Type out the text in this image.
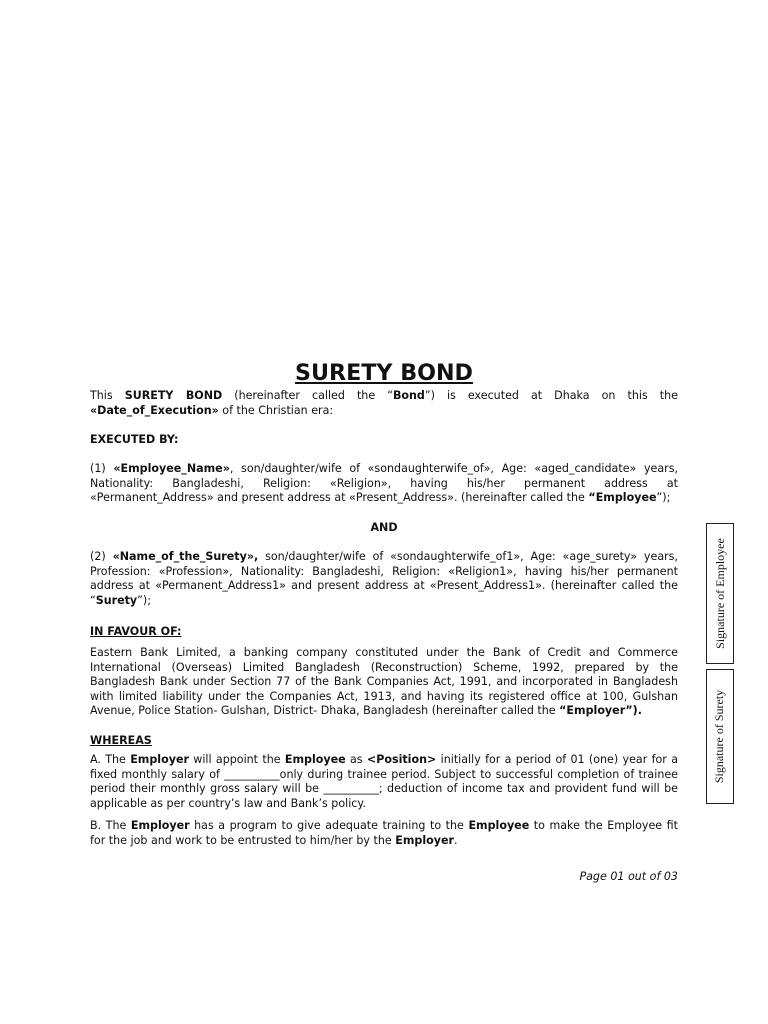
SURETY BOND

This SURETY BOND (hereinafter called the “Bond”) is executed at Dhaka on this the «Date_of_Execution» of the Christian era:

EXECUTED BY:

(1) «Employee_Name», son/daughter/wife of «sondaughterwife_of», Age: «aged_candidate» years, Nationality: Bangladeshi, Religion: «Religion», having his/her permanent address at «Permanent_Address» and present address at «Present_Address». (hereinafter called the “Employee”);

AND

(2) «Name_of_the_Surety», son/daughter/wife of «sondaughterwife_of1», Age: «age_surety» years, Profession: «Profession», Nationality: Bangladeshi, Religion: «Religion1», having his/her permanent address at «Permanent_Address1» and present address at «Present_Address1». (hereinafter called the “Surety”);

IN FAVOUR OF:

Eastern Bank Limited, a banking company constituted under the Bank of Credit and Commerce International (Overseas) Limited Bangladesh (Reconstruction) Scheme, 1992, prepared by the Bangladesh Bank under Section 77 of the Bank Companies Act, 1991, and incorporated in Bangladesh with limited liability under the Companies Act, 1913, and having its registered office at 100, Gulshan Avenue, Police Station- Gulshan, District- Dhaka, Bangladesh (hereinafter called the “Employer”).

WHEREAS

A. The Employer will appoint the Employee as <Position> initially for a period of 01 (one) year for a fixed monthly salary of __________only during trainee period. Subject to successful completion of trainee period their monthly gross salary will be __________; deduction of income tax and provident fund will be applicable as per country’s law and Bank’s policy.

B. The Employer has a program to give adequate training to the Employee to make the Employee fit for the job and work to be entrusted to him/her by the Employer.

Page 01 out of 03

Signature of Employee
Signature of Surety
